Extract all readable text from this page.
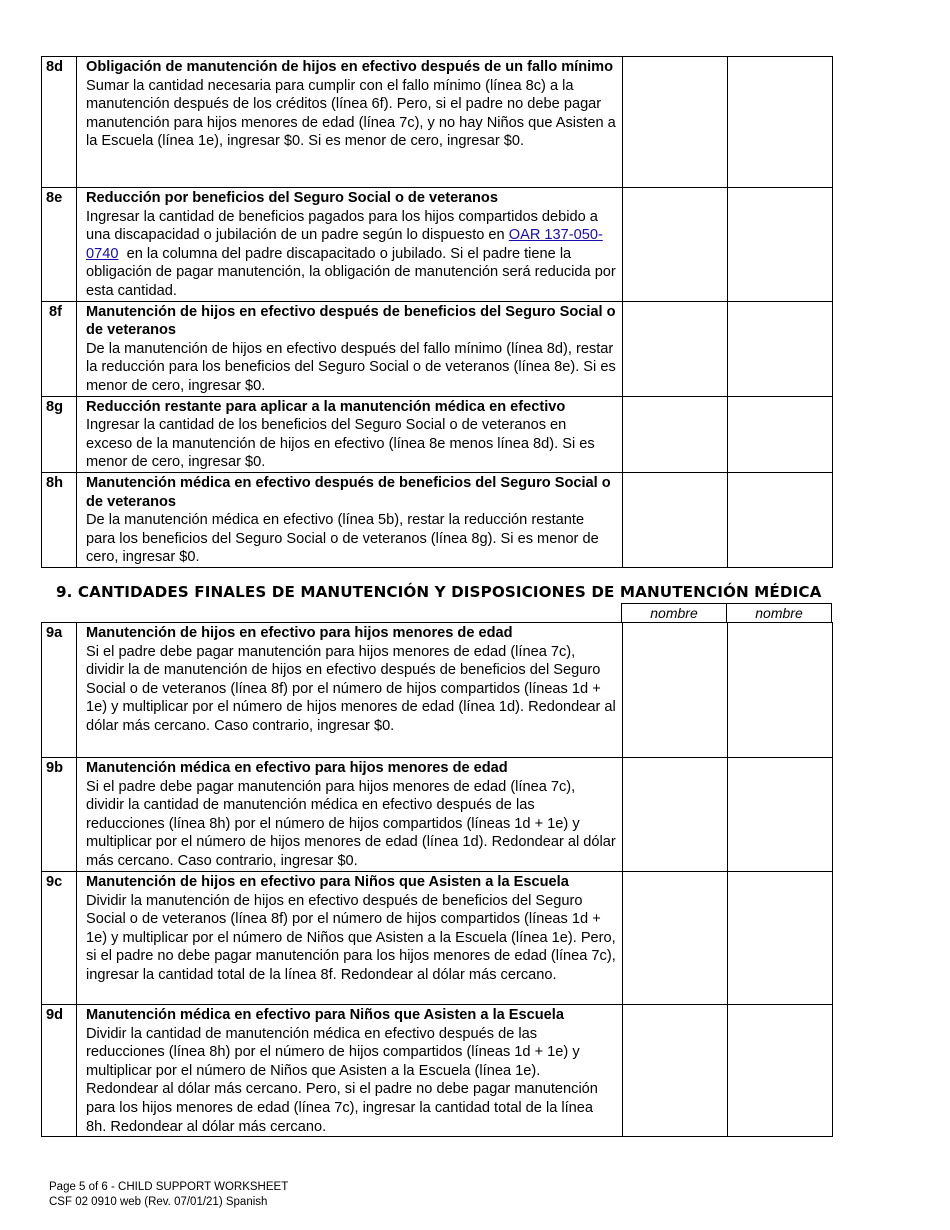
8d	Obligación de manutención de hijos en efectivo después de un fallo mínimo
Sumar la cantidad necesaria para cumplir con el fallo mínimo (línea 8c) a la manutención después de los créditos (línea 6f). Pero, si el padre no debe pagar manutención para hijos menores de edad (línea 7c), y no hay Niños que Asisten a la Escuela (línea 1e), ingresar $0. Si es menor de cero, ingresar $0.		

8e	Reducción por beneficios del Seguro Social o de veteranos
Ingresar la cantidad de beneficios pagados para los hijos compartidos debido a una discapacidad o jubilación de un padre según lo dispuesto en OAR 137-050-0740  en la columna del padre discapacitado o jubilado. Si el padre tiene la obligación de pagar manutención, la obligación de manutención será reducida por esta cantidad.		

8f	Manutención de hijos en efectivo después de beneficios del Seguro Social o de veteranos
De la manutención de hijos en efectivo después del fallo mínimo (línea 8d), restar la reducción para los beneficios del Seguro Social o de veteranos (línea 8e). Si es menor de cero, ingresar $0.		

8g	Reducción restante para aplicar a la manutención médica en efectivo
Ingresar la cantidad de los beneficios del Seguro Social o de veteranos en exceso de la manutención de hijos en efectivo (línea 8e menos línea 8d). Si es menor de cero, ingresar $0.		

8h	Manutención médica en efectivo después de beneficios del Seguro Social o de veteranos
De la manutención médica en efectivo (línea 5b), restar la reducción restante para los beneficios del Seguro Social o de veteranos (línea 8g). Si es menor de cero, ingresar $0.		

9. CANTIDADES FINALES DE MANUTENCIÓN Y DISPOSICIONES DE MANUTENCIÓN MÉDICA
nombre	nombre
9a	Manutención de hijos en efectivo para hijos menores de edad
Si el padre debe pagar manutención para hijos menores de edad (línea 7c), dividir la de manutención de hijos en efectivo después de beneficios del Seguro Social o de veteranos (línea 8f) por el número de hijos compartidos (líneas 1d + 1e) y multiplicar por el número de hijos menores de edad (línea 1d). Redondear al dólar más cercano. Caso contrario, ingresar $0.		

9b	Manutención médica en efectivo para hijos menores de edad
Si el padre debe pagar manutención para hijos menores de edad (línea 7c), dividir la cantidad de manutención médica en efectivo después de las reducciones (línea 8h) por el número de hijos compartidos (líneas 1d + 1e) y multiplicar por el número de hijos menores de edad (línea 1d). Redondear al dólar más cercano. Caso contrario, ingresar $0.		

9c	Manutención de hijos en efectivo para Niños que Asisten a la Escuela
Dividir la manutención de hijos en efectivo después de beneficios del Seguro Social o de veteranos (línea 8f) por el número de hijos compartidos (líneas 1d + 1e) y multiplicar por el número de Niños que Asisten a la Escuela (línea 1e). Pero, si el padre no debe pagar manutención para los hijos menores de edad (línea 7c), ingresar la cantidad total de la línea 8f. Redondear al dólar más cercano.		

9d	Manutención médica en efectivo para Niños que Asisten a la Escuela
Dividir la cantidad de manutención médica en efectivo después de las reducciones (línea 8h) por el número de hijos compartidos (líneas 1d + 1e) y multiplicar por el número de Niños que Asisten a la Escuela (línea 1e). Redondear al dólar más cercano. Pero, si el padre no debe pagar manutención para los hijos menores de edad (línea 7c), ingresar la cantidad total de la línea 8h. Redondear al dólar más cercano.		

Page 5 of 6 - CHILD SUPPORT WORKSHEET
CSF 02 0910 web (Rev. 07/01/21) Spanish
